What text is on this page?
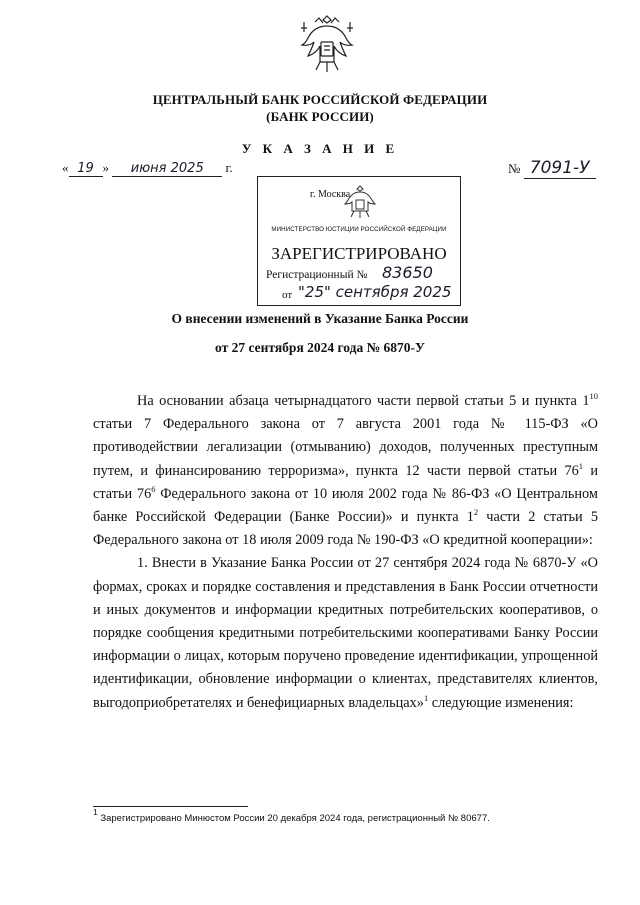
ЦЕНТРАЛЬНЫЙ БАНК РОССИЙСКОЙ ФЕДЕРАЦИИ
(БАНК РОССИИ)
У К А З А Н И Е
« 19 » июня 2025 г.	№ 7091-У
г. Москва
МИНИСТЕРСТВО ЮСТИЦИИ РОССИЙСКОЙ ФЕДЕРАЦИИ
ЗАРЕГИСТРИРОВАНО
Регистрационный № 83650
от "25" сентября 2025
О внесении изменений в Указание Банка России
от 27 сентября 2024 года № 6870-У

На основании абзаца четырнадцатого части первой статьи 5 и пункта $1^{10}$ статьи 7 Федерального закона от 7 августа 2001 года № 115-ФЗ «О противодействии легализации (отмыванию) доходов, полученных преступным путем, и финансированию терроризма», пункта 12 части первой статьи $76^1$ и статьи $76^6$ Федерального закона от 10 июля 2002 года № 86-ФЗ «О Центральном банке Российской Федерации (Банке России)» и пункта $1^2$ части 2 статьи 5 Федерального закона от 18 июля 2009 года № 190-ФЗ «О кредитной кооперации»:

1. Внести в Указание Банка России от 27 сентября 2024 года № 6870-У «О формах, сроках и порядке составления и представления в Банк России отчетности и иных документов и информации кредитных потребительских кооперативов, о порядке сообщения кредитными потребительскими кооперативами Банку России информации о лицах, которым поручено проведение идентификации, упрощенной идентификации, обновление информации о клиентах, представителях клиентов, выгодоприобретателях и бенефициарных владельцах»$^1$ следующие изменения:

$^1$ Зарегистрировано Минюстом России 20 декабря 2024 года, регистрационный № 80677.
